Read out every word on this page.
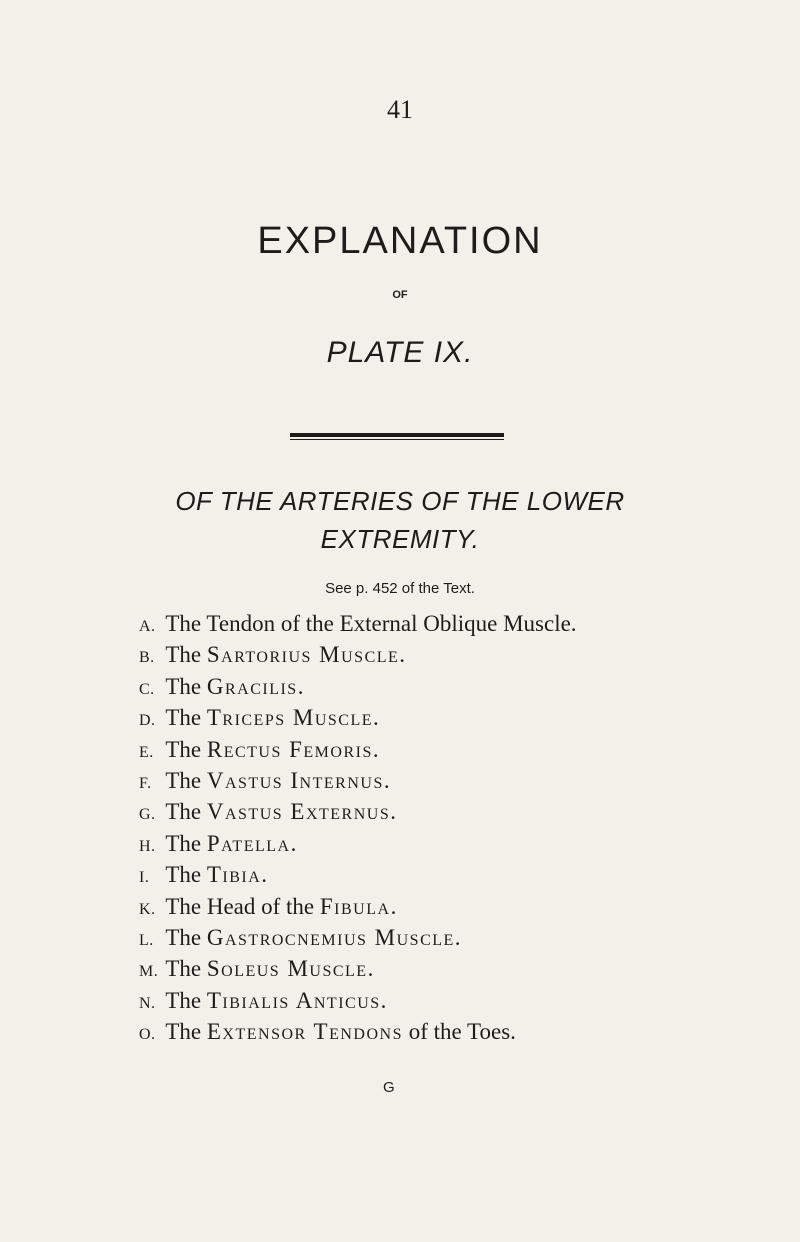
41
EXPLANATION
OF
PLATE IX.
OF THE ARTERIES OF THE LOWER
EXTREMITY.
See p. 452 of the Text.
A. The Tendon of the External Oblique Muscle.
B. The Sartorius Muscle.
C. The Gracilis.
D. The Triceps Muscle.
E. The Rectus Femoris.
F. The Vastus Internus.
G. The Vastus Externus.
H. The Patella.
I. The Tibia.
K. The Head of the Fibula.
L. The Gastrocnemius Muscle.
M. The Soleus Muscle.
N. The Tibialis Anticus.
O. The Extensor Tendons of the Toes.
G
